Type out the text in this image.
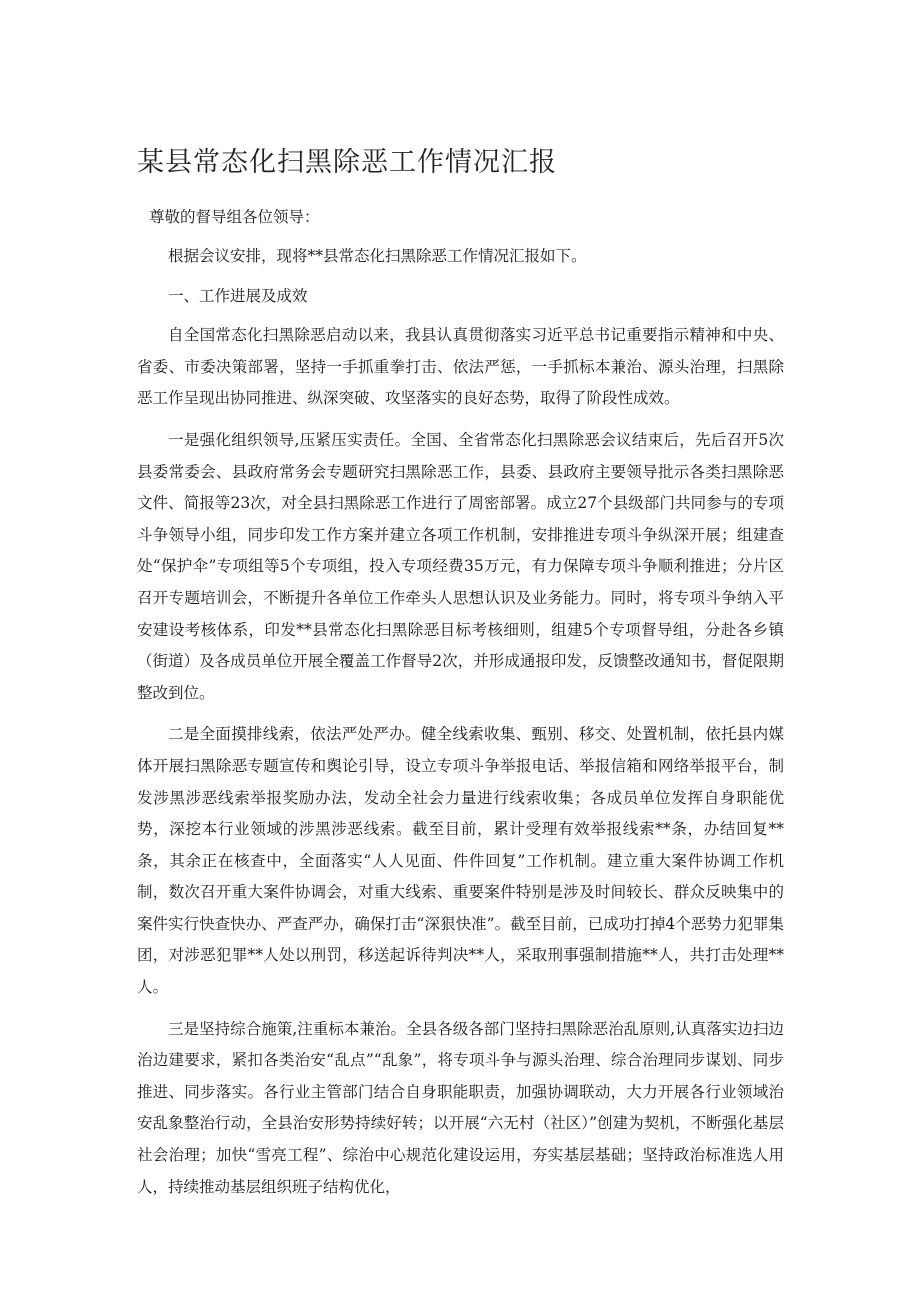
某县常态化扫黑除恶工作情况汇报

尊敬的督导组各位领导：

根据会议安排，现将**县常态化扫黑除恶工作情况汇报如下。

一、工作进展及成效

自全国常态化扫黑除恶启动以来，我县认真贯彻落实习近平总书记重要指示精神和中央、省委、市委决策部署，坚持一手抓重拳打击、依法严惩，一手抓标本兼治、源头治理，扫黑除恶工作呈现出协同推进、纵深突破、攻坚落实的良好态势，取得了阶段性成效。

一是强化组织领导,压紧压实责任。全国、全省常态化扫黑除恶会议结束后，先后召开5次县委常委会、县政府常务会专题研究扫黑除恶工作，县委、县政府主要领导批示各类扫黑除恶文件、简报等23次，对全县扫黑除恶工作进行了周密部署。成立27个县级部门共同参与的专项斗争领导小组，同步印发工作方案并建立各项工作机制，安排推进专项斗争纵深开展；组建查处“保护伞”专项组等5个专项组，投入专项经费35万元，有力保障专项斗争顺利推进；分片区召开专题培训会，不断提升各单位工作牵头人思想认识及业务能力。同时，将专项斗争纳入平安建设考核体系，印发**县常态化扫黑除恶目标考核细则，组建5个专项督导组，分赴各乡镇（街道）及各成员单位开展全覆盖工作督导2次，并形成通报印发，反馈整改通知书，督促限期整改到位。

二是全面摸排线索，依法严处严办。健全线索收集、甄别、移交、处置机制，依托县内媒体开展扫黑除恶专题宣传和舆论引导，设立专项斗争举报电话、举报信箱和网络举报平台，制发涉黑涉恶线索举报奖励办法，发动全社会力量进行线索收集；各成员单位发挥自身职能优势，深挖本行业领域的涉黑涉恶线索。截至目前，累计受理有效举报线索**条，办结回复**条，其余正在核查中，全面落实“人人见面、件件回复”工作机制。建立重大案件协调工作机制，数次召开重大案件协调会，对重大线索、重要案件特别是涉及时间较长、群众反映集中的案件实行快查快办、严查严办，确保打击“深狠快准”。截至目前，已成功打掉4个恶势力犯罪集团，对涉恶犯罪**人处以刑罚，移送起诉待判决**人，采取刑事强制措施**人，共打击处理**人。

三是坚持综合施策,注重标本兼治。全县各级各部门坚持扫黑除恶治乱原则,认真落实边扫边治边建要求，紧扣各类治安“乱点”“乱象”，将专项斗争与源头治理、综合治理同步谋划、同步推进、同步落实。各行业主管部门结合自身职能职责，加强协调联动，大力开展各行业领域治安乱象整治行动，全县治安形势持续好转；以开展“六无村（社区）”创建为契机，不断强化基层社会治理；加快“雪亮工程”、综治中心规范化建设运用，夯实基层基础；坚持政治标准选人用人，持续推动基层组织班子结构优化，
